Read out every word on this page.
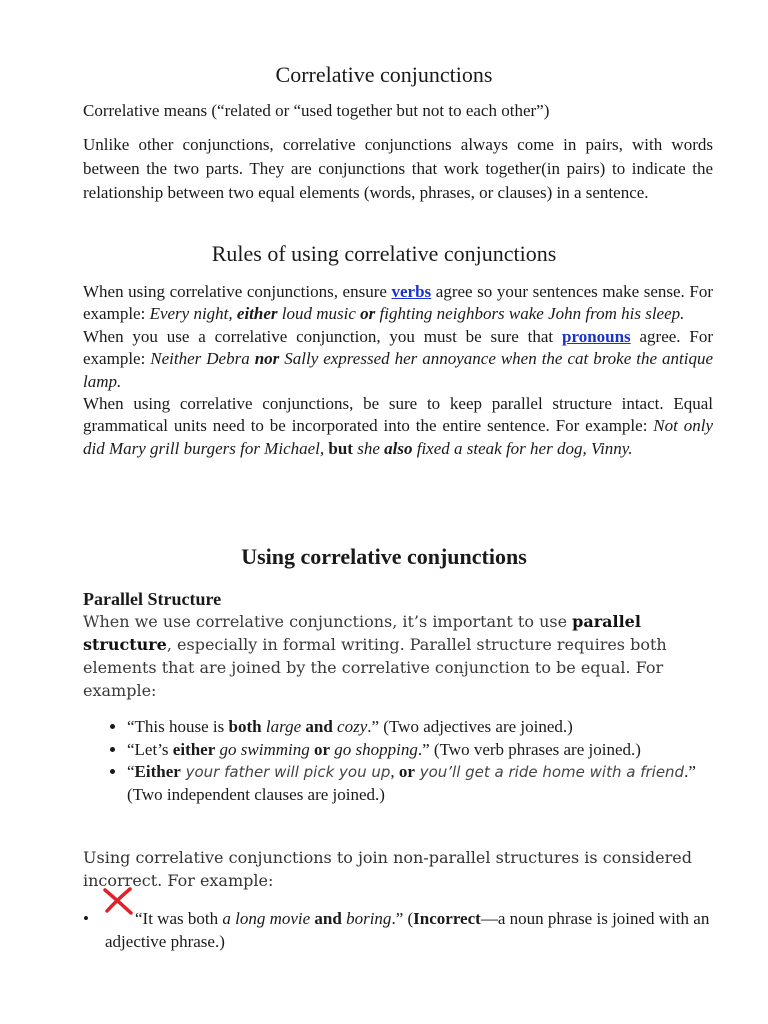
Correlative conjunctions
Correlative means (“related or “used together but not to each other”)

Unlike other conjunctions, correlative conjunctions always come in pairs, with words between the two parts. They are conjunctions that work together(in pairs) to indicate the relationship between two equal elements (words, phrases, or clauses) in a sentence.

Rules of using correlative conjunctions

When using correlative conjunctions, ensure verbs agree so your sentences make sense. For example: Every night, either loud music or fighting neighbors wake John from his sleep.

When you use a correlative conjunction, you must be sure that pronouns agree. For example: Neither Debra nor Sally expressed her annoyance when the cat broke the antique lamp.

When using correlative conjunctions, be sure to keep parallel structure intact. Equal grammatical units need to be incorporated into the entire sentence. For example: Not only did Mary grill burgers for Michael, but she also fixed a steak for her dog, Vinny.

Using correlative conjunctions
Parallel Structure

When we use correlative conjunctions, it’s important to use parallel structure, especially in formal writing. Parallel structure requires both elements that are joined by the correlative conjunction to be equal. For example:

• “This house is both large and cozy.” (Two adjectives are joined.)
• “Let’s either go swimming or go shopping.” (Two verb phrases are joined.)
• “Either your father will pick you up, or you’ll get a ride home with a friend.” (Two independent clauses are joined.)

Using correlative conjunctions to join non-parallel structures is considered incorrect. For example:

•	“It was both a long movie and boring.” (Incorrect—a noun phrase is joined with an adjective phrase.)
